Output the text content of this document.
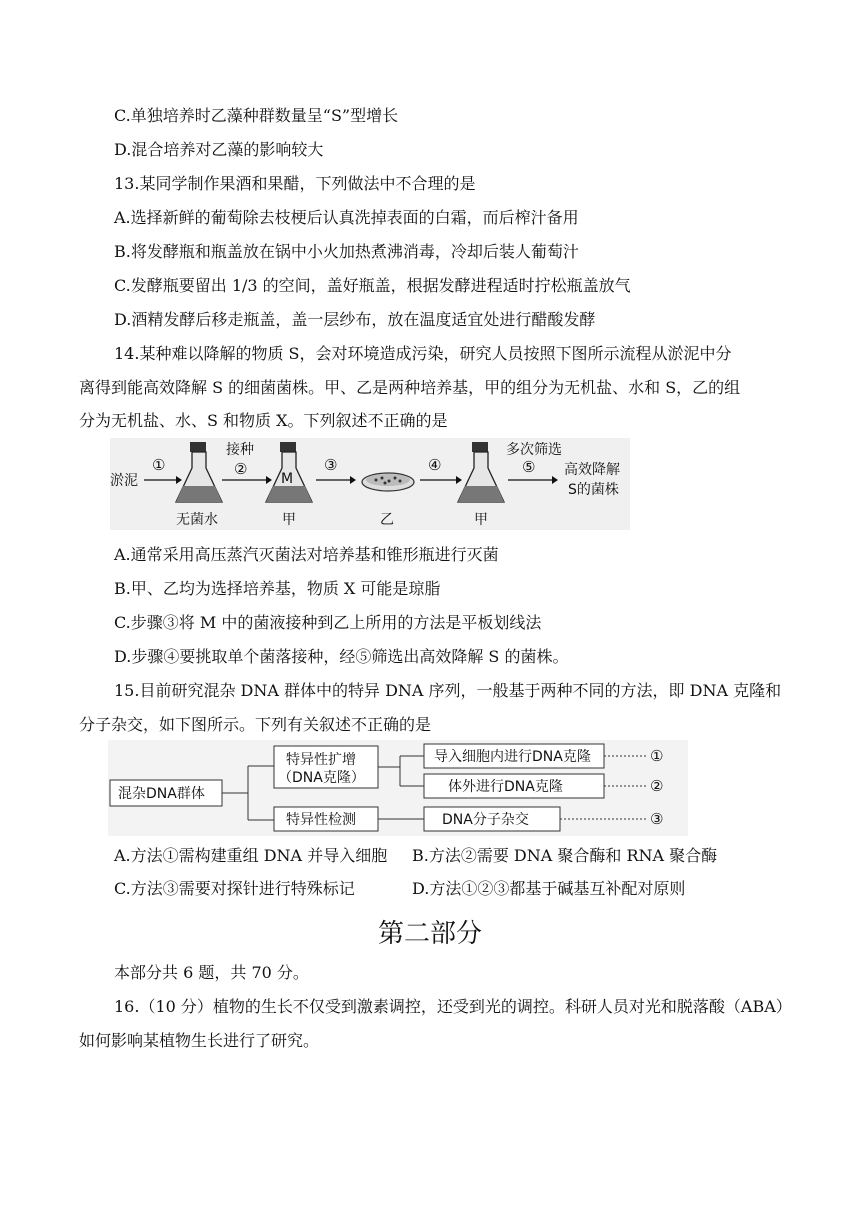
C.单独培养时乙藻种群数量呈“S”型增长
D.混合培养对乙藻的影响较大
13.某同学制作果酒和果醋，下列做法中不合理的是
A.选择新鲜的葡萄除去枝梗后认真洗掉表面的白霜，而后榨汁备用
B.将发酵瓶和瓶盖放在锅中小火加热煮沸消毒，冷却后装人葡萄汁
C.发酵瓶要留出 1/3 的空间，盖好瓶盖，根据发酵进程适时拧松瓶盖放气
D.酒精发酵后移走瓶盖，盖一层纱布，放在温度适宜处进行醋酸发酵
14.某种难以降解的物质 S，会对环境造成污染，研究人员按照下图所示流程从淤泥中分
离得到能高效降解 S 的细菌菌株。甲、乙是两种培养基，甲的组分为无机盐、水和 S，乙的组
分为无机盐、水、S 和物质 X。下列叙述不正确的是
淤泥
①
无菌水
接种
②
M
甲
③
乙
④
甲
多次筛选
⑤ 高效降解
S的菌株
A.通常采用高压蒸汽灭菌法对培养基和锥形瓶进行灭菌
B.甲、乙均为选择培养基，物质 X 可能是琼脂
C.步骤③将 M 中的菌液接种到乙上所用的方法是平板划线法
D.步骤④要挑取单个菌落接种，经⑤筛选出高效降解 S 的菌株。
15.目前研究混杂 DNA 群体中的特异 DNA 序列，一般基于两种不同的方法，即 DNA 克隆和
分子杂交，如下图所示。下列有关叙述不正确的是
混杂DNA群体
特异性扩增
（DNA克隆）
特异性检测
导入细胞内进行DNA克隆
体外进行DNA克隆
DNA分子杂交
①
②
③
A.方法①需构建重组 DNA 并导入细胞 B.方法②需要 DNA 聚合酶和 RNA 聚合酶
C.方法③需要对探针进行特殊标记	D.方法①②③都基于碱基互补配对原则
第二部分
本部分共 6 题，共 70 分。
16.（10 分）植物的生长不仅受到激素调控，还受到光的调控。科研人员对光和脱落酸（ABA）
如何影响某植物生长进行了研究。
